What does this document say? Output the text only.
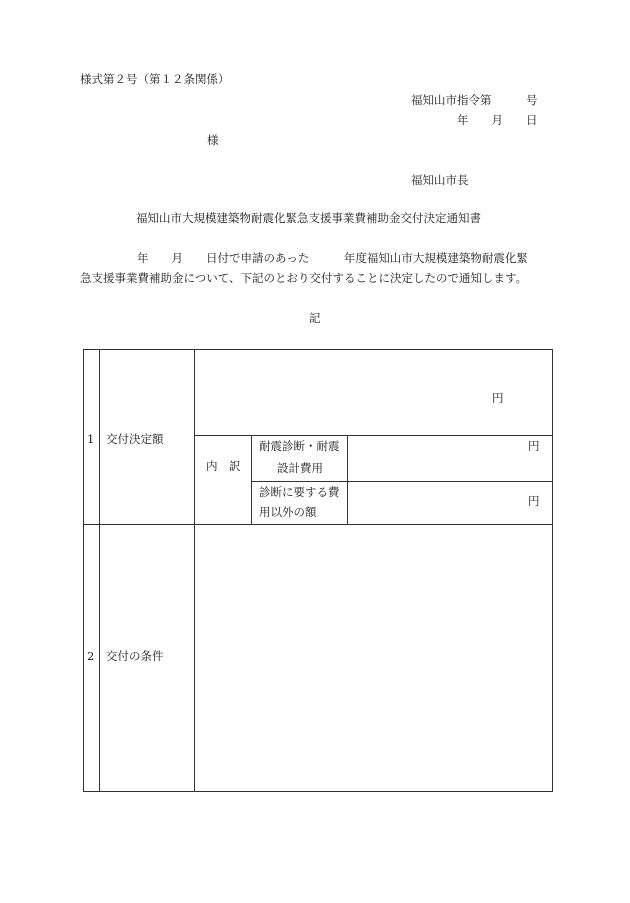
様式第２号（第１２条関係）
福知山市指令第　　　号
年　　月　　日
様
福知山市長
福知山市大規模建築物耐震化緊急支援事業費補助金交付決定通知書
年　　月　　日付で申請のあった　　　年度福知山市大規模建築物耐震化緊
急支援事業費補助金について、下記のとおり交付することに決定したので通知します。
記
1 交付決定額
円
内　訳
耐震診断・耐震
設計費用
円
診断に要する費
用以外の額
円
2 交付の条件
